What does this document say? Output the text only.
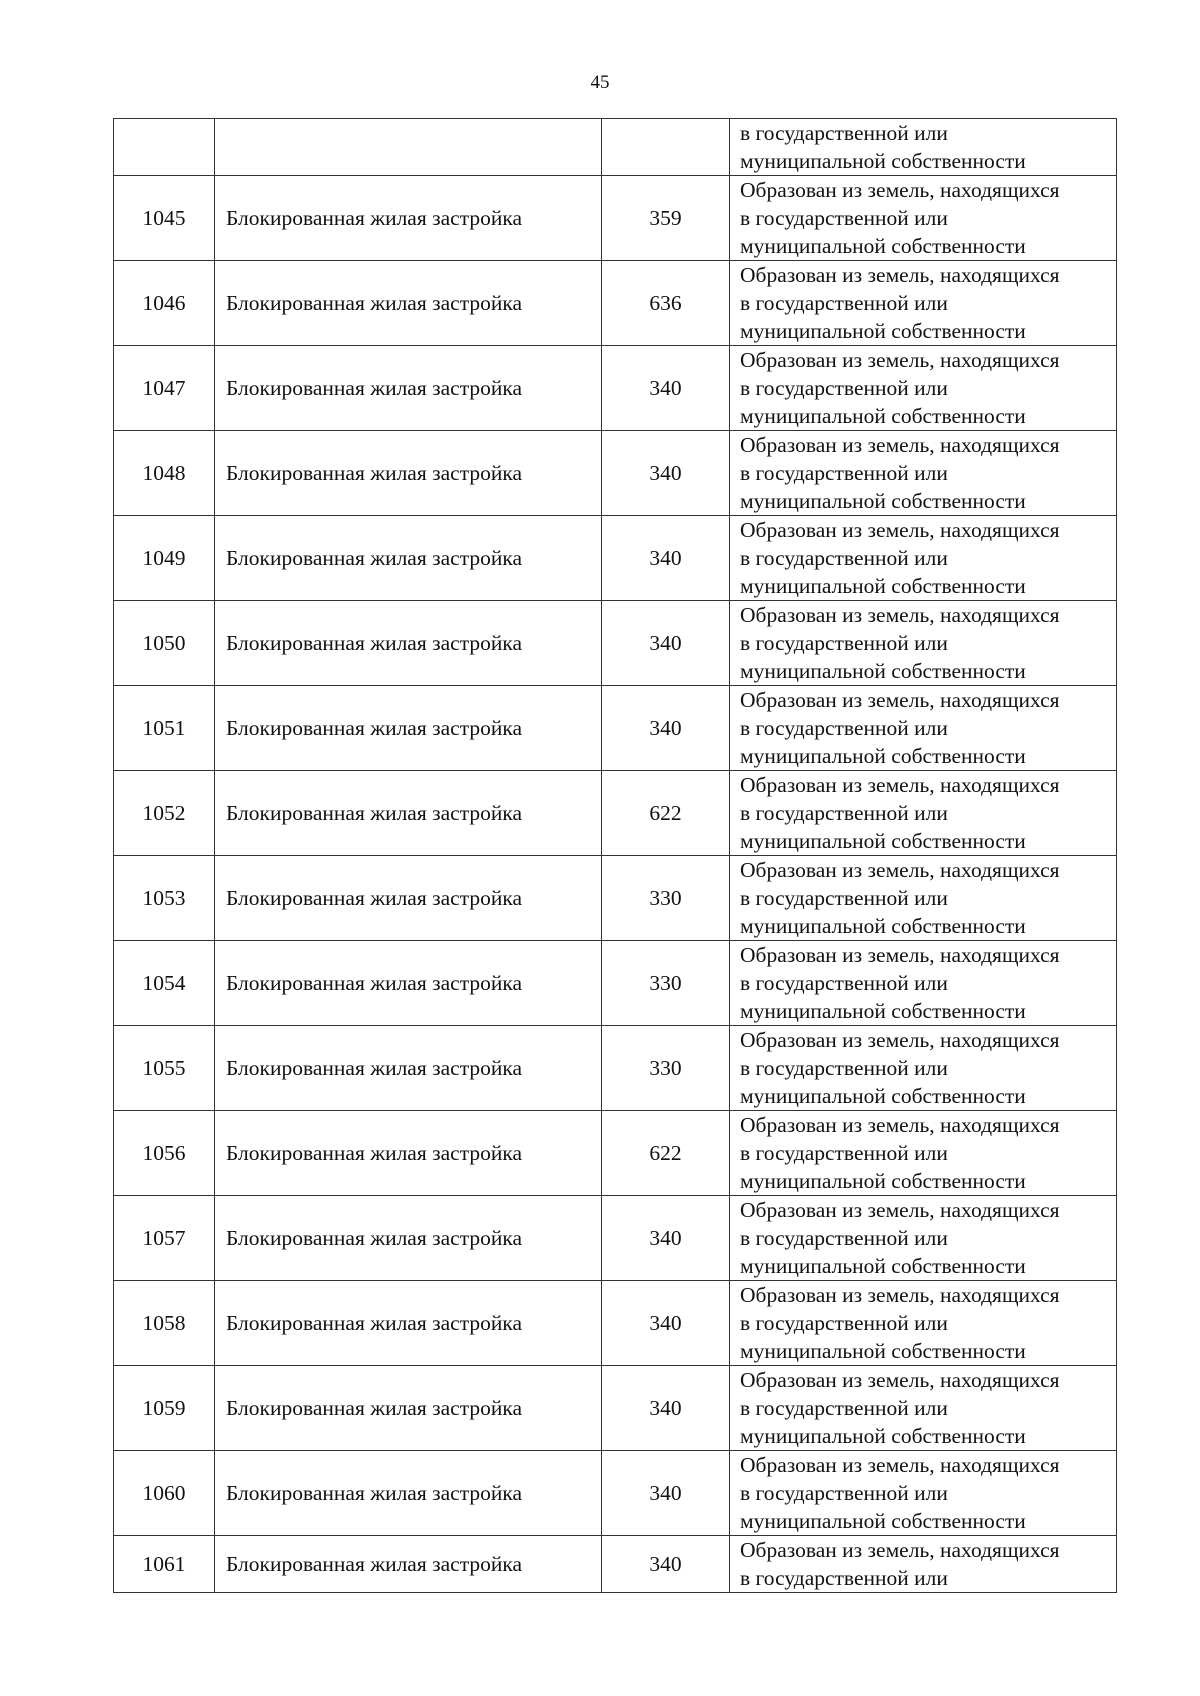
45

			в государственной или
муниципальной собственности

1045	Блокированная жилая застройка	359	Образован из земель, находящихся
в государственной или
муниципальной собственности

1046	Блокированная жилая застройка	636	Образован из земель, находящихся
в государственной или
муниципальной собственности

1047	Блокированная жилая застройка	340	Образован из земель, находящихся
в государственной или
муниципальной собственности

1048	Блокированная жилая застройка	340	Образован из земель, находящихся
в государственной или
муниципальной собственности

1049	Блокированная жилая застройка	340	Образован из земель, находящихся
в государственной или
муниципальной собственности

1050	Блокированная жилая застройка	340	Образован из земель, находящихся
в государственной или
муниципальной собственности

1051	Блокированная жилая застройка	340	Образован из земель, находящихся
в государственной или
муниципальной собственности

1052	Блокированная жилая застройка	622	Образован из земель, находящихся
в государственной или
муниципальной собственности

1053	Блокированная жилая застройка	330	Образован из земель, находящихся
в государственной или
муниципальной собственности

1054	Блокированная жилая застройка	330	Образован из земель, находящихся
в государственной или
муниципальной собственности

1055	Блокированная жилая застройка	330	Образован из земель, находящихся
в государственной или
муниципальной собственности

1056	Блокированная жилая застройка	622	Образован из земель, находящихся
в государственной или
муниципальной собственности

1057	Блокированная жилая застройка	340	Образован из земель, находящихся
в государственной или
муниципальной собственности

1058	Блокированная жилая застройка	340	Образован из земель, находящихся
в государственной или
муниципальной собственности

1059	Блокированная жилая застройка	340	Образован из земель, находящихся
в государственной или
муниципальной собственности

1060	Блокированная жилая застройка	340	Образован из земель, находящихся
в государственной или
муниципальной собственности

1061	Блокированная жилая застройка	340	Образован из земель, находящихся
в государственной или
